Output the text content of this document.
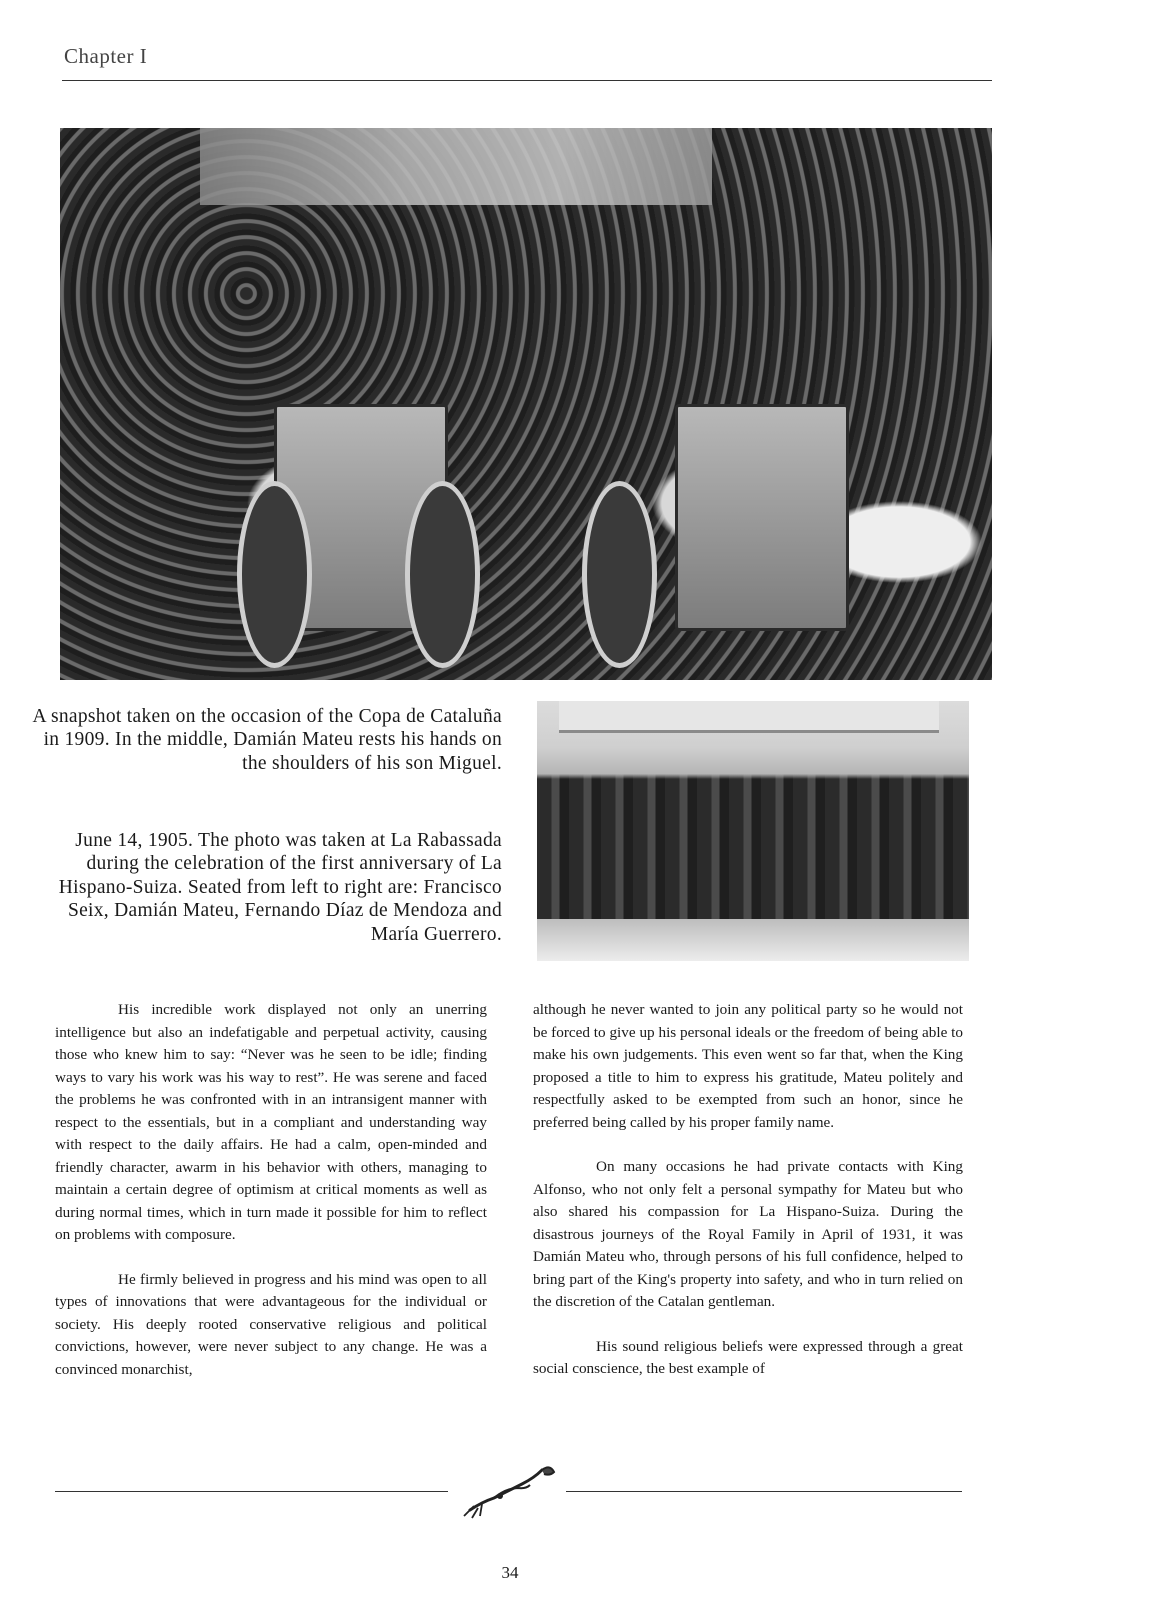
Chapter I

A snapshot taken on the occasion of the Copa de Cataluña in 1909. In the middle, Damián Mateu rests his hands on the shoulders of his son Miguel.

June 14, 1905. The photo was taken at La Rabassada during the celebration of the first anniversary of La Hispano-Suiza. Seated from left to right are: Francisco Seix, Damián Mateu, Fernando Díaz de Mendoza and María Guerrero.

His incredible work displayed not only an unerring intelligence but also an indefatigable and perpetual activity, causing those who knew him to say: “Never was he seen to be idle; finding ways to vary his work was his way to rest”. He was serene and faced the problems he was confronted with in an intransigent manner with respect to the essentials, but in a compliant and understanding way with respect to the daily affairs. He had a calm, open-minded and friendly character, awarm in his behavior with others, managing to maintain a certain degree of optimism at critical moments as well as during normal times, which in turn made it possible for him to reflect on problems with composure.

He firmly believed in progress and his mind was open to all types of innovations that were advantageous for the individual or society. His deeply rooted conservative religious and political convictions, however, were never subject to any change. He was a convinced monarchist,

although he never wanted to join any political party so he would not be forced to give up his personal ideals or the freedom of being able to make his own judgements. This even went so far that, when the King proposed a title to him to express his gratitude, Mateu politely and respectfully asked to be exempted from such an honor, since he preferred being called by his proper family name.

On many occasions he had private contacts with King Alfonso, who not only felt a personal sympathy for Mateu but who also shared his compassion for La Hispano-Suiza. During the disastrous journeys of the Royal Family in April of 1931, it was Damián Mateu who, through persons of his full confidence, helped to bring part of the King's property into safety, and who in turn relied on the discretion of the Catalan gentleman.

His sound religious beliefs were expressed through a great social conscience, the best example of

34
